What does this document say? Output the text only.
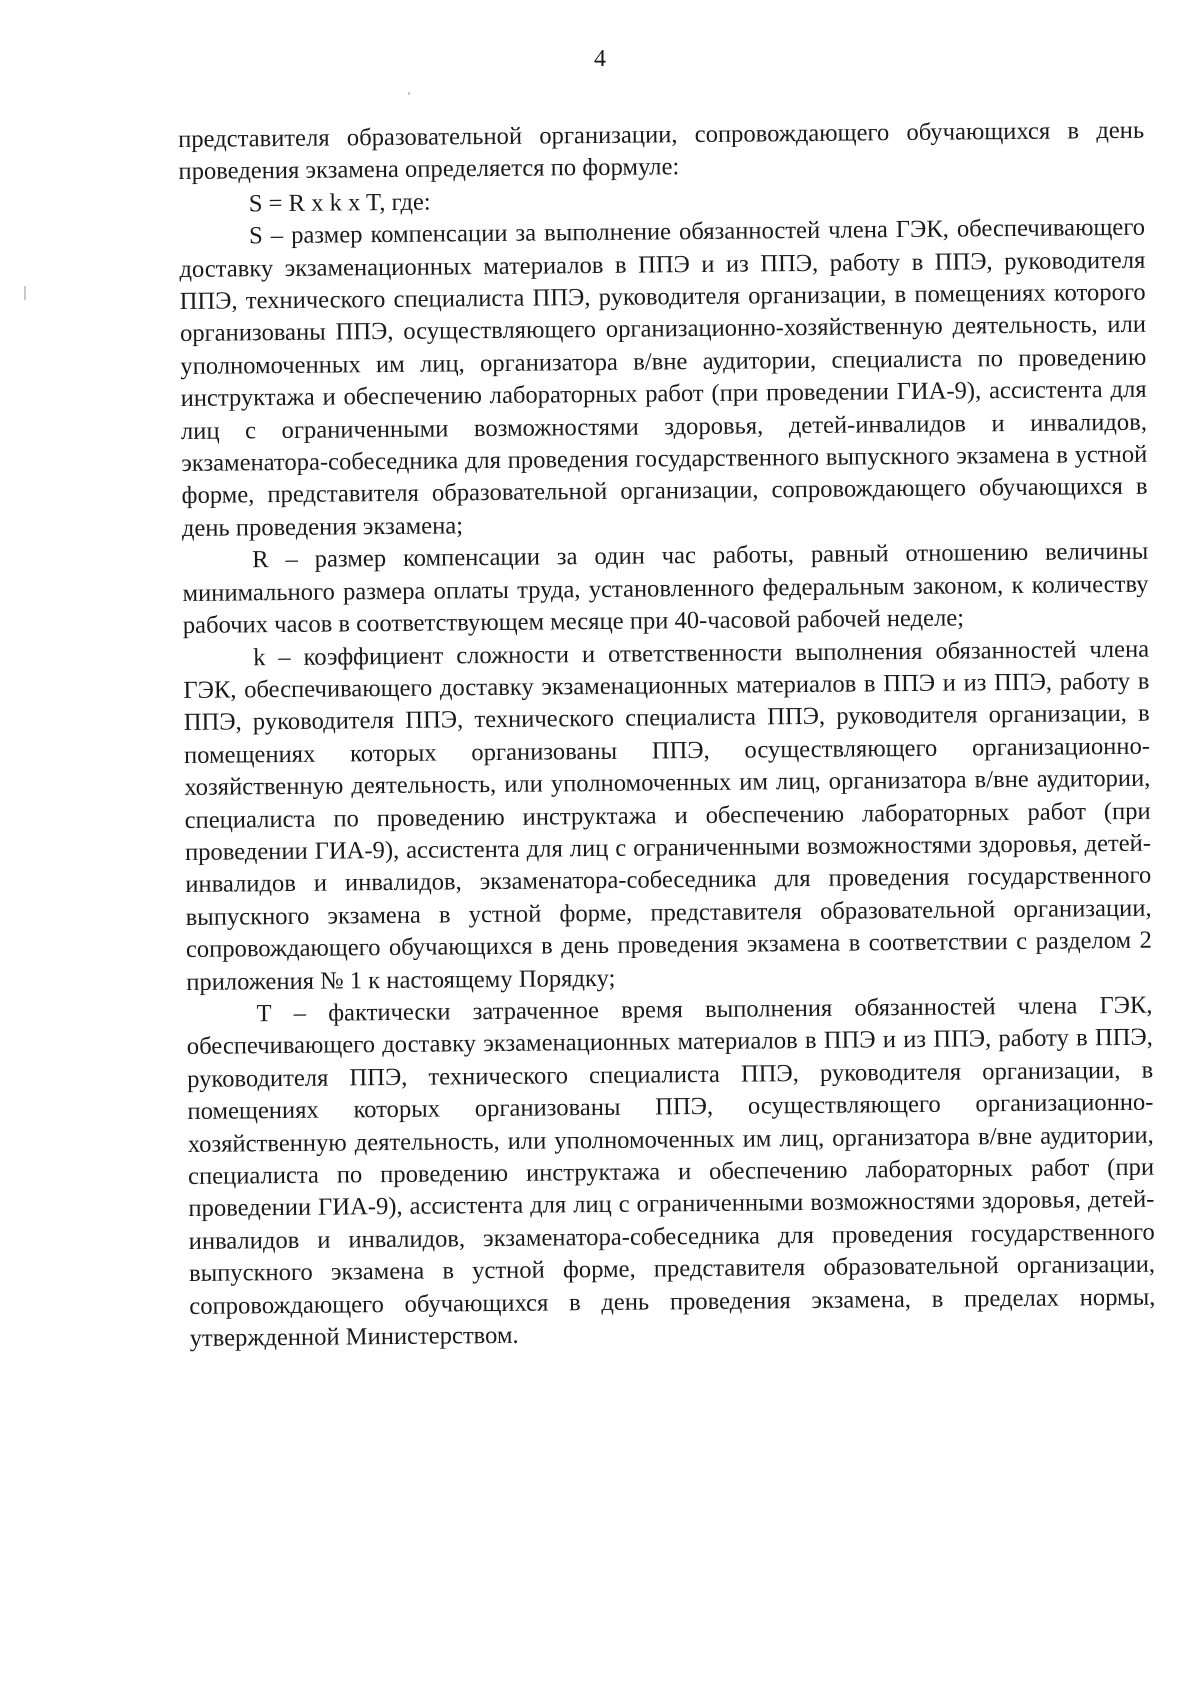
4

представителя образовательной организации, сопровождающего обучающихся в день проведения экзамена определяется по формуле:

S = R x k x T, где:

S – размер компенсации за выполнение обязанностей члена ГЭК, обеспечивающего доставку экзаменационных материалов в ППЭ и из ППЭ, работу в ППЭ, руководителя ППЭ, технического специалиста ППЭ, руководителя организации, в помещениях которого организованы ППЭ, осуществляющего организационно-хозяйственную деятельность, или уполномоченных им лиц, организатора в/вне аудитории, специалиста по проведению инструктажа и обеспечению лабораторных работ (при проведении ГИА-9), ассистента для лиц с ограниченными возможностями здоровья, детей-инвалидов и инвалидов, экзаменатора-собеседника для проведения государственного выпускного экзамена в устной форме, представителя образовательной организации, сопровождающего обучающихся в день проведения экзамена;

R – размер компенсации за один час работы, равный отношению величины минимального размера оплаты труда, установленного федеральным законом, к количеству рабочих часов в соответствующем месяце при 40-часовой рабочей неделе;

k – коэффициент сложности и ответственности выполнения обязанностей члена ГЭК, обеспечивающего доставку экзаменационных материалов в ППЭ и из ППЭ, работу в ППЭ, руководителя ППЭ, технического специалиста ППЭ, руководителя организации, в помещениях которых организованы ППЭ, осуществляющего организационно-хозяйственную деятельность, или уполномоченных им лиц, организатора в/вне аудитории, специалиста по проведению инструктажа и обеспечению лабораторных работ (при проведении ГИА-9), ассистента для лиц с ограниченными возможностями здоровья, детей-инвалидов и инвалидов, экзаменатора-собеседника для проведения государственного выпускного экзамена в устной форме, представителя образовательной организации, сопровождающего обучающихся в день проведения экзамена в соответствии с разделом 2 приложения № 1 к настоящему Порядку;

Т – фактически затраченное время выполнения обязанностей члена ГЭК, обеспечивающего доставку экзаменационных материалов в ППЭ и из ППЭ, работу в ППЭ, руководителя ППЭ, технического специалиста ППЭ, руководителя организации, в помещениях которых организованы ППЭ, осуществляющего организационно-хозяйственную деятельность, или уполномоченных им лиц, организатора в/вне аудитории, специалиста по проведению инструктажа и обеспечению лабораторных работ (при проведении ГИА-9), ассистента для лиц с ограниченными возможностями здоровья, детей-инвалидов и инвалидов, экзаменатора-собеседника для проведения государственного выпускного экзамена в устной форме, представителя образовательной организации, сопровождающего обучающихся в день проведения экзамена, в пределах нормы, утвержденной Министерством.
